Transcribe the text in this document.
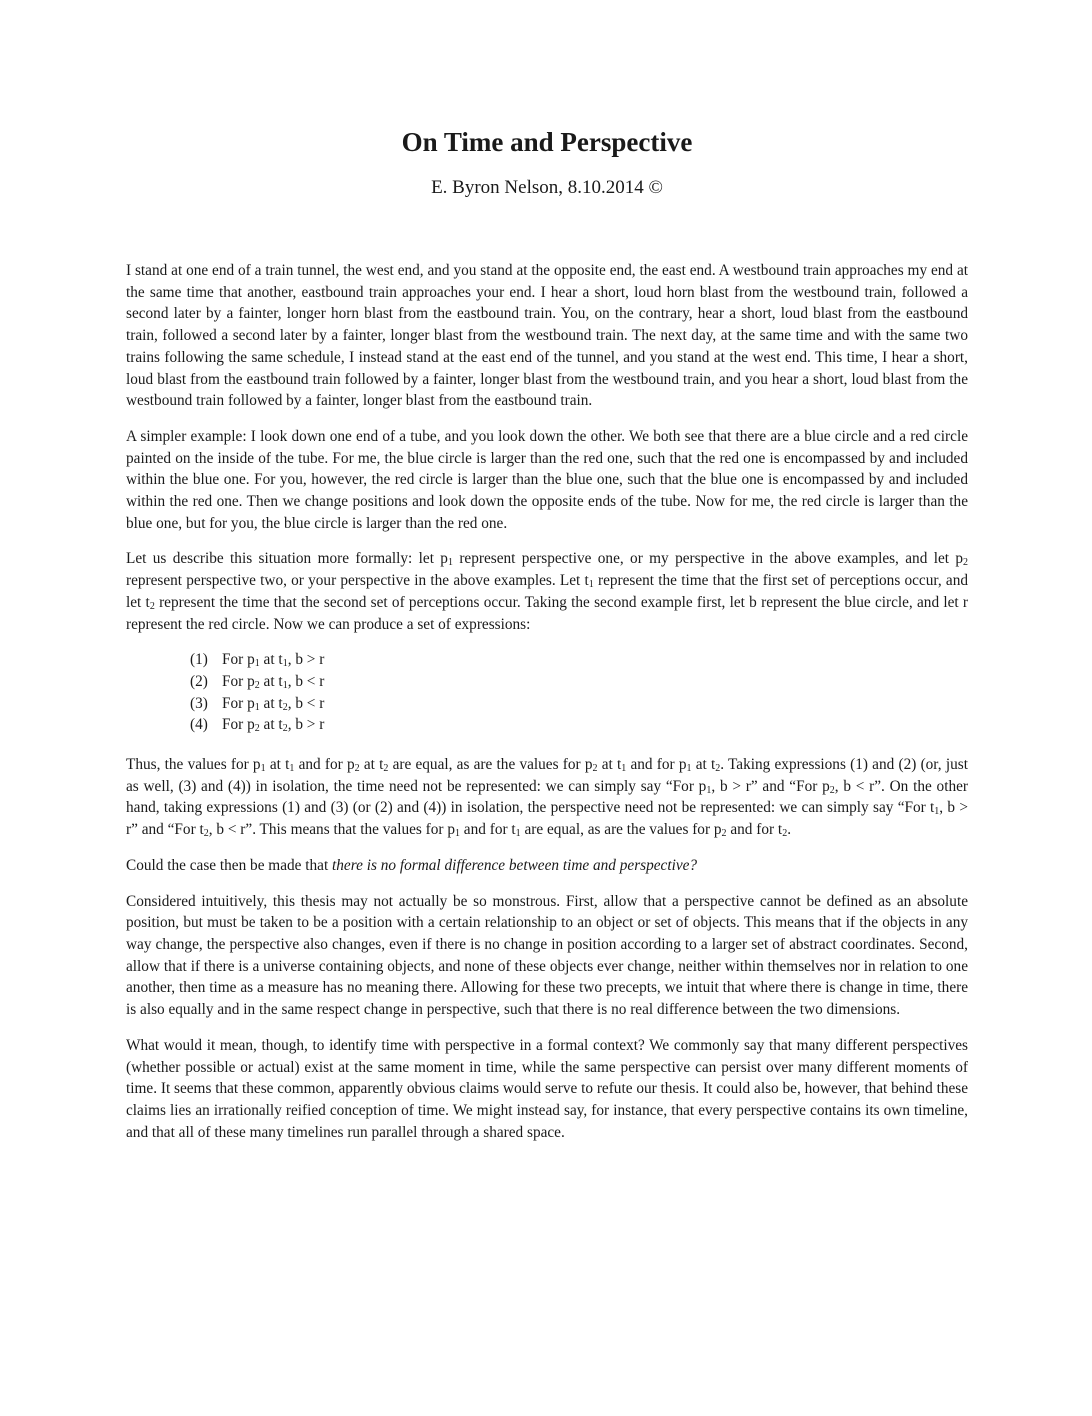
On Time and Perspective
E. Byron Nelson, 8.10.2014 ©

I stand at one end of a train tunnel, the west end, and you stand at the opposite end, the east end. A westbound train approaches my end at the same time that another, eastbound train approaches your end. I hear a short, loud horn blast from the westbound train, followed a second later by a fainter, longer horn blast from the eastbound train. You, on the contrary, hear a short, loud blast from the eastbound train, followed a second later by a fainter, longer blast from the westbound train. The next day, at the same time and with the same two trains following the same schedule, I instead stand at the east end of the tunnel, and you stand at the west end. This time, I hear a short, loud blast from the eastbound train followed by a fainter, longer blast from the westbound train, and you hear a short, loud blast from the westbound train followed by a fainter, longer blast from the eastbound train.

A simpler example: I look down one end of a tube, and you look down the other. We both see that there are a blue circle and a red circle painted on the inside of the tube. For me, the blue circle is larger than the red one, such that the red one is encompassed by and included within the blue one. For you, however, the red circle is larger than the blue one, such that the blue one is encompassed by and included within the red one. Then we change positions and look down the opposite ends of the tube. Now for me, the red circle is larger than the blue one, but for you, the blue circle is larger than the red one.

Let us describe this situation more formally: let $p_1$ represent perspective one, or my perspective in the above examples, and let $p_2$ represent perspective two, or your perspective in the above examples. Let $t_1$ represent the time that the first set of perceptions occur, and let $t_2$ represent the time that the second set of perceptions occur. Taking the second example first, let b represent the blue circle, and let r represent the red circle. Now we can produce a set of expressions:

(1) For $p_1$ at $t_1$, b > r
(2) For $p_2$ at $t_1$, b < r
(3) For $p_1$ at $t_2$, b < r
(4) For $p_2$ at $t_2$, b > r

Thus, the values for $p_1$ at $t_1$ and for $p_2$ at $t_2$ are equal, as are the values for $p_2$ at $t_1$ and for $p_1$ at $t_2$. Taking expressions (1) and (2) (or, just as well, (3) and (4)) in isolation, the time need not be represented: we can simply say “For $p_1$, b > r” and “For $p_2$, b < r”. On the other hand, taking expressions (1) and (3) (or (2) and (4)) in isolation, the perspective need not be represented: we can simply say “For $t_1$, b > r” and “For $t_2$, b < r”. This means that the values for $p_1$ and for $t_1$ are equal, as are the values for $p_2$ and for $t_2$.

Could the case then be made that there is no formal difference between time and perspective?

Considered intuitively, this thesis may not actually be so monstrous. First, allow that a perspective cannot be defined as an absolute position, but must be taken to be a position with a certain relationship to an object or set of objects. This means that if the objects in any way change, the perspective also changes, even if there is no change in position according to a larger set of abstract coordinates. Second, allow that if there is a universe containing objects, and none of these objects ever change, neither within themselves nor in relation to one another, then time as a measure has no meaning there. Allowing for these two precepts, we intuit that where there is change in time, there is also equally and in the same respect change in perspective, such that there is no real difference between the two dimensions.

What would it mean, though, to identify time with perspective in a formal context? We commonly say that many different perspectives (whether possible or actual) exist at the same moment in time, while the same perspective can persist over many different moments of time. It seems that these common, apparently obvious claims would serve to refute our thesis. It could also be, however, that behind these claims lies an irrationally reified conception of time. We might instead say, for instance, that every perspective contains its own timeline, and that all of these many timelines run parallel through a shared space.
